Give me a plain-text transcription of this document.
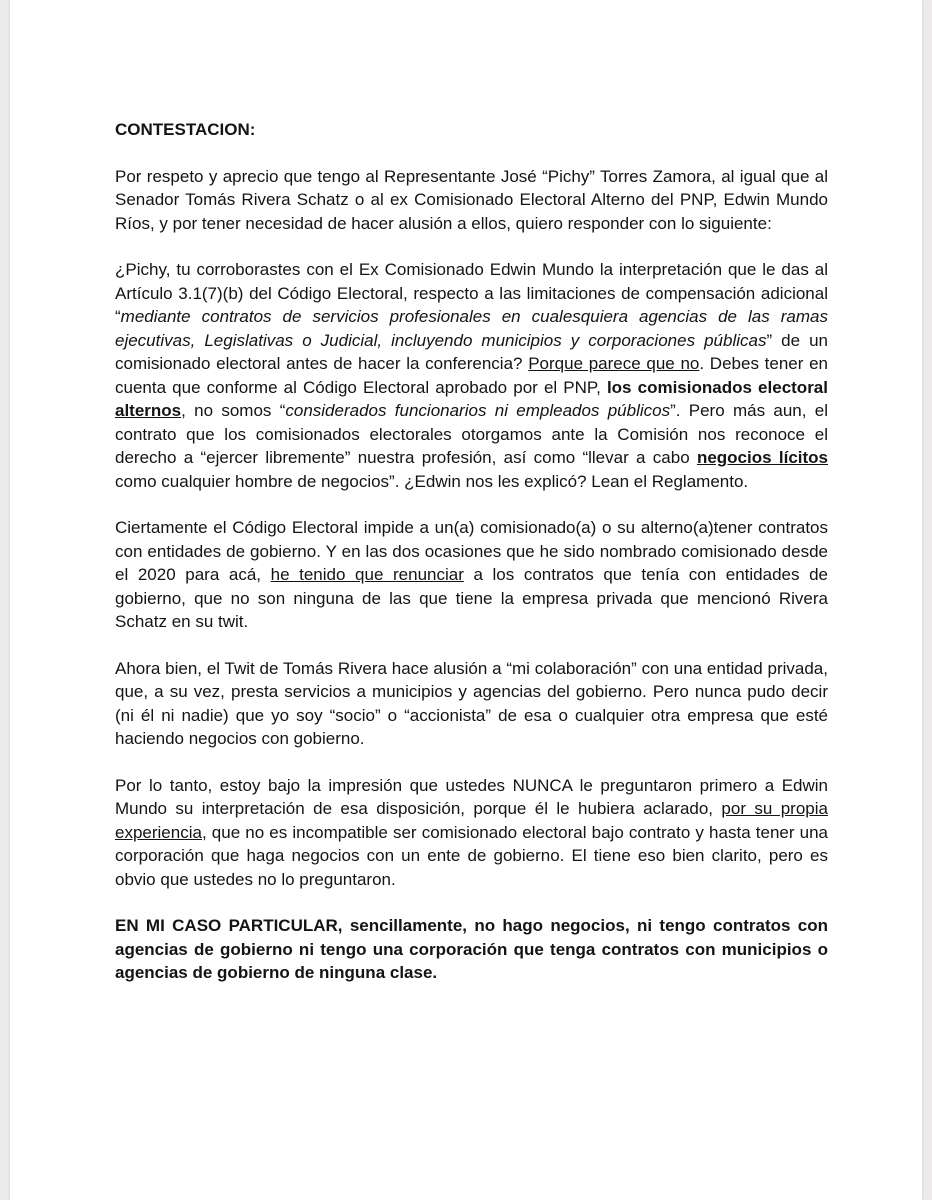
CONTESTACION:

Por respeto y aprecio que tengo al Representante José “Pichy” Torres Zamora, al igual que al Senador Tomás Rivera Schatz o al ex Comisionado Electoral Alterno del PNP, Edwin Mundo Ríos, y por tener necesidad de hacer alusión a ellos, quiero responder con lo siguiente:

¿Pichy, tu corroborastes con el Ex Comisionado Edwin Mundo la interpretación que le das al Artículo 3.1(7)(b) del Código Electoral, respecto a las limitaciones de compensación adicional “mediante contratos de servicios profesionales en cualesquiera agencias de las ramas ejecutivas, Legislativas o Judicial, incluyendo municipios y corporaciones públicas” de un comisionado electoral antes de hacer la conferencia? Porque parece que no. Debes tener en cuenta que conforme al Código Electoral aprobado por el PNP, los comisionados electoral alternos, no somos “considerados funcionarios ni empleados públicos”. Pero más aun, el contrato que los comisionados electorales otorgamos ante la Comisión nos reconoce el derecho a “ejercer libremente” nuestra profesión, así como “llevar a cabo negocios lícitos como cualquier hombre de negocios”. ¿Edwin nos les explicó? Lean el Reglamento.

Ciertamente el Código Electoral impide a un(a) comisionado(a) o su alterno(a)tener contratos con entidades de gobierno. Y en las dos ocasiones que he sido nombrado comisionado desde el 2020 para acá, he tenido que renunciar a los contratos que tenía con entidades de gobierno, que no son ninguna de las que tiene la empresa privada que mencionó Rivera Schatz en su twit.

Ahora bien, el Twit de Tomás Rivera hace alusión a “mi colaboración” con una entidad privada, que, a su vez, presta servicios a municipios y agencias del gobierno. Pero nunca pudo decir (ni él ni nadie) que yo soy “socio” o “accionista” de esa o cualquier otra empresa que esté haciendo negocios con gobierno.

Por lo tanto, estoy bajo la impresión que ustedes NUNCA le preguntaron primero a Edwin Mundo su interpretación de esa disposición, porque él le hubiera aclarado, por su propia experiencia, que no es incompatible ser comisionado electoral bajo contrato y hasta tener una corporación que haga negocios con un ente de gobierno. El tiene eso bien clarito, pero es obvio que ustedes no lo preguntaron.

EN MI CASO PARTICULAR, sencillamente, no hago negocios, ni tengo contratos con agencias de gobierno ni tengo una corporación que tenga contratos con municipios o agencias de gobierno de ninguna clase.
